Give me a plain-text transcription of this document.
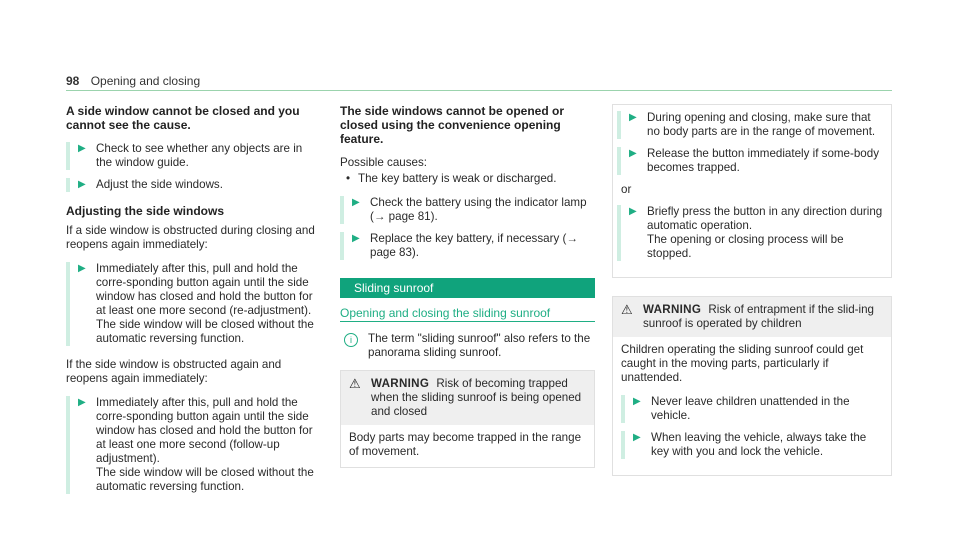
98 Opening and closing
A side window cannot be closed and you cannot see the cause.
▶ Check to see whether any objects are in the window guide.
▶ Adjust the side windows.
Adjusting the side windows

If a side window is obstructed during closing and reopens again immediately:

▶ Immediately after this, pull and hold the corre-sponding button again until the side window has closed and hold the button for at least one more second (re-adjustment).
The side window will be closed without the automatic reversing function.

If the side window is obstructed again and reopens again immediately:

▶ Immediately after this, pull and hold the corre-sponding button again until the side window has closed and hold the button for at least one more second (follow-up adjustment).
The side window will be closed without the automatic reversing function.
The side windows cannot be opened or closed using the convenience opening feature.

Possible causes:

• The key battery is weak or discharged.
▶ Check the battery using the indicator lamp (→ page 81).
▶ Replace the key battery, if necessary (→ page 83).
Sliding sunroof
Opening and closing the sliding sunroof
i	The term "sliding sunroof" also refers to the panorama sliding sunroof.
⚠ WARNING Risk of becoming trapped when the sliding sunroof is being opened and closed
Body parts may become trapped in the range of movement.
▶ During opening and closing, make sure that no body parts are in the range of movement.
▶ Release the button immediately if some-body becomes trapped.
or
▶ Briefly press the button in any direction during automatic operation.
The opening or closing process will be stopped.
⚠ WARNING Risk of entrapment if the slid-ing sunroof is operated by children

Children operating the sliding sunroof could get caught in the moving parts, particularly if unattended.

▶ Never leave children unattended in the vehicle.
▶ When leaving the vehicle, always take the key with you and lock the vehicle.
